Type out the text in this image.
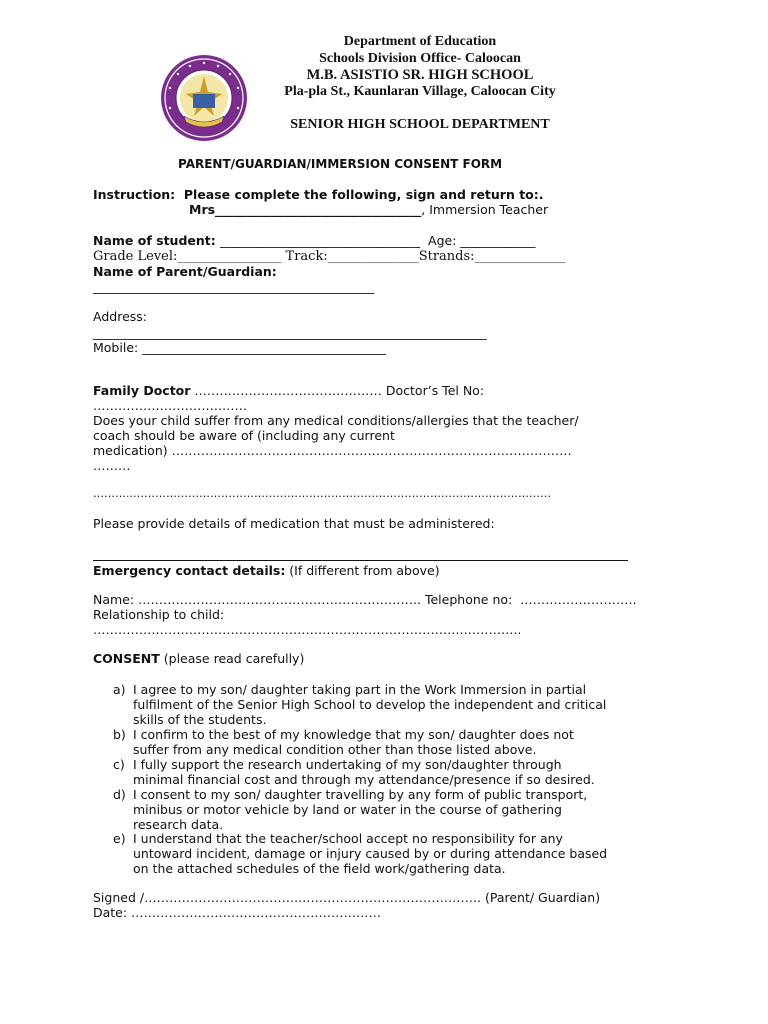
Department of Education
Schools Division Office- Caloocan
M.B. ASISTIO SR. HIGH SCHOOL
Pla-pla St., Kaunlaran Village, Caloocan City
SENIOR HIGH SCHOOL DEPARTMENT
PARENT/GUARDIAN/IMMERSION CONSENT FORM
Instruction:  Please complete the following, sign and return to:.
Mrs_________________________________, Immersion Teacher
Name of student: ________________________________  Age: ____________
Grade Level:________________ Track:______________Strands:______________
Name of Parent/Guardian:
_____________________________________________
Address:
_______________________________________________________________
Mobile: _______________________________________
Family Doctor ……………………………………… Doctor’s Tel No:
………………………….……
Does your child suffer from any medical conditions/allergies that the teacher/
coach should be aware of (including any current
medication) ……………………………………………………………………………………
………
………..……………………………………………………………………………………………………
Please provide details of medication that must be administered:
Emergency contact details: (If different from above)
Name: ………………………………………………………….. Telephone no:  ……………………….
Relationship to child:
……………………………………………………………………………..…………..
CONSENT (please read carefully)
a) I agree to my son/ daughter taking part in the Work Immersion in partial
fulfilment of the Senior High School to develop the independent and critical
skills of the students.
b) I confirm to the best of my knowledge that my son/ daughter does not
suffer from any medical condition other than those listed above.
c) I fully support the research undertaking of my son/daughter through
minimal financial cost and through my attendance/presence if so desired.
d) I consent to my son/ daughter travelling by any form of public transport,
minibus or motor vehicle by land or water in the course of gathering
research data.
e) I understand that the teacher/school accept no responsibility for any
untoward incident, damage or injury caused by or during attendance based
on the attached schedules of the field work/gathering data.
Signed /……………………………….…………………………………….. (Parent/ Guardian)
Date: ……………………………………………………
